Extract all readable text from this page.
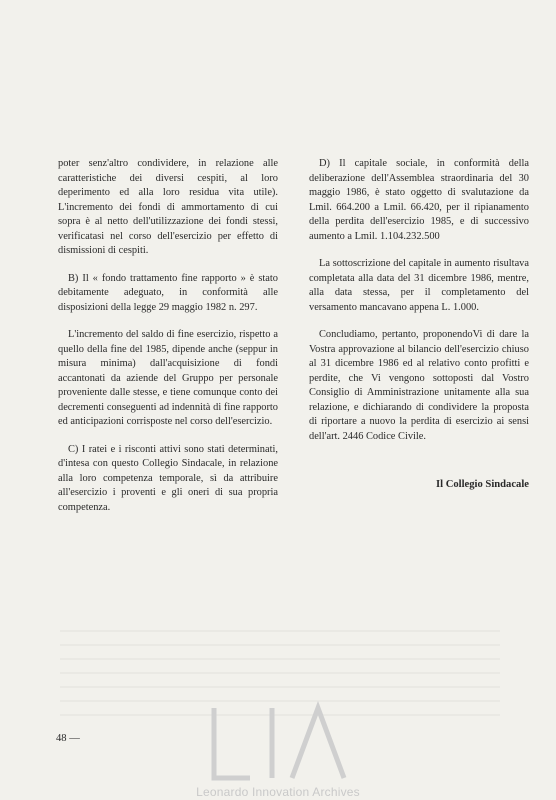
poter senz'altro condividere, in relazione alle caratteristiche dei diversi cespiti, al loro deperimento ed alla loro residua vita utile). L'incremento dei fondi di ammortamento di cui sopra è al netto dell'utilizzazione dei fondi stessi, verificatasi nel corso dell'esercizio per effetto di dismissioni di cespiti.

B) Il « fondo trattamento fine rapporto » è stato debitamente adeguato, in conformità alle disposizioni della legge 29 maggio 1982 n. 297.

L'incremento del saldo di fine esercizio, rispetto a quello della fine del 1985, dipende anche (seppur in misura minima) dall'acquisizione di fondi accantonati da aziende del Gruppo per personale proveniente dalle stesse, e tiene comunque conto dei decrementi conseguenti ad indennità di fine rapporto ed anticipazioni corrisposte nel corso dell'esercizio.

C) I ratei e i risconti attivi sono stati determinati, d'intesa con questo Collegio Sindacale, in relazione alla loro competenza temporale, sì da attribuire all'esercizio i proventi e gli oneri di sua propria competenza.

D) Il capitale sociale, in conformità della deliberazione dell'Assemblea straordinaria del 30 maggio 1986, è stato oggetto di svalutazione da Lmil. 664.200 a Lmil. 66.420, per il ripianamento della perdita dell'esercizio 1985, e di successivo aumento a Lmil. 1.104.232.500

La sottoscrizione del capitale in aumento risultava completata alla data del 31 dicembre 1986, mentre, alla data stessa, per il completamento del versamento mancavano appena L. 1.000.

Concludiamo, pertanto, proponendoVi di dare la Vostra approvazione al bilancio dell'esercizio chiuso al 31 dicembre 1986 ed al relativo conto profitti e perdite, che Vi vengono sottoposti dal Vostro Consiglio di Amministrazione unitamente alla sua relazione, e dichiarando di condividere la proposta di riportare a nuovo la perdita di esercizio ai sensi dell'art. 2446 Codice Civile.

Il Collegio Sindacale
48 —
Leonardo Innovation Archives
